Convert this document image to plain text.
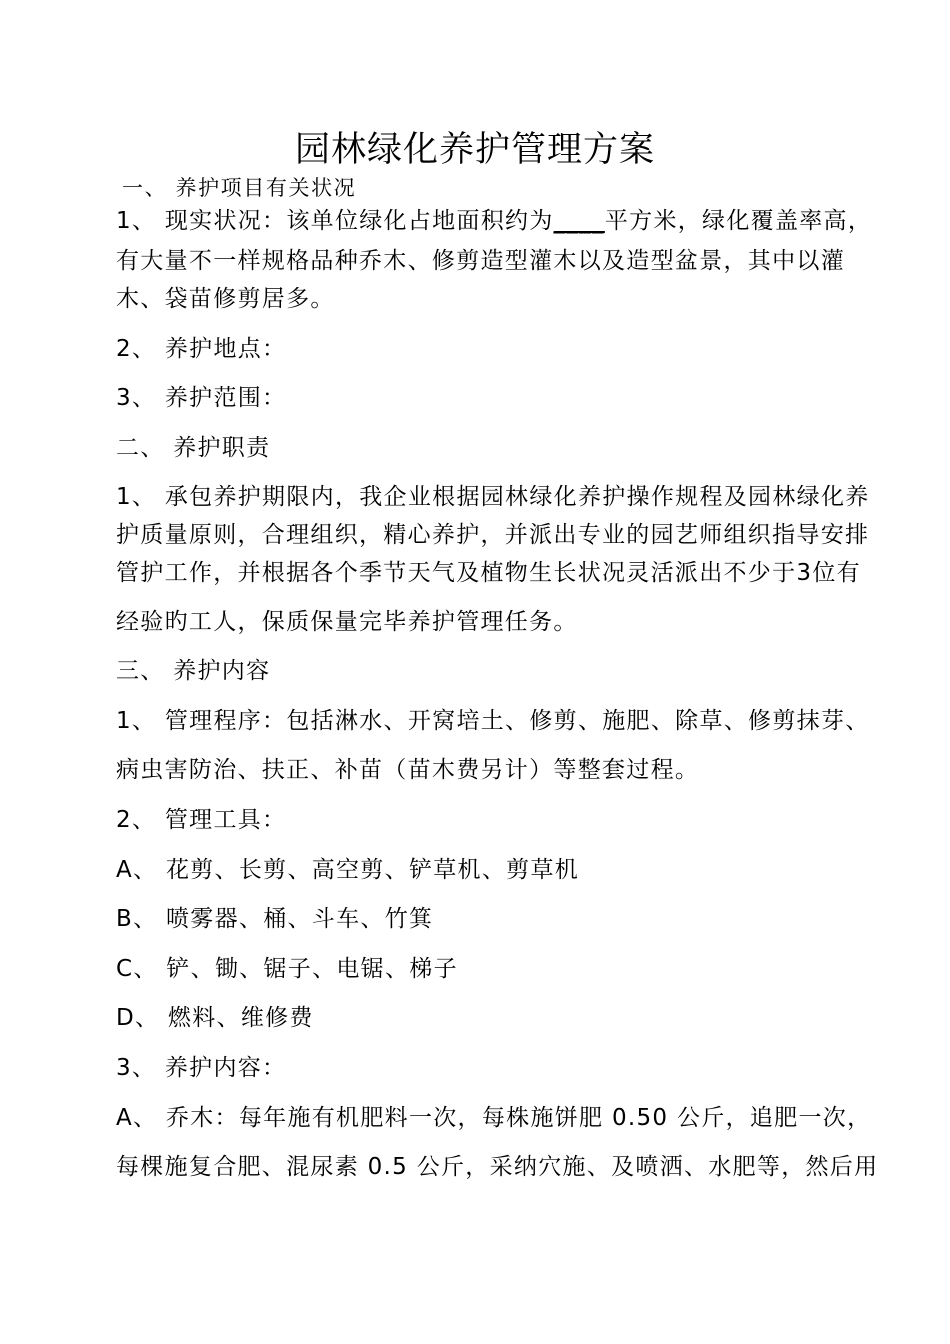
园林绿化养护管理方案
一、 养护项目有关状况
1、 现实状况：该单位绿化占地面积约为____平方米，绿化覆盖率高，
有大量不一样规格品种乔木、修剪造型灌木以及造型盆景，其中以灌
木、袋苗修剪居多。
2、 养护地点：
3、 养护范围：
二、 养护职责
1、 承包养护期限内，我企业根据园林绿化养护操作规程及园林绿化养
护质量原则，合理组织，精心养护，并派出专业的园艺师组织指导安排
管护工作，并根据各个季节天气及植物生长状况灵活派出不少于3位有
经验旳工人，保质保量完毕养护管理任务。
三、 养护内容
1、 管理程序：包括淋水、开窝培土、修剪、施肥、除草、修剪抹芽、
病虫害防治、扶正、补苗（苗木费另计）等整套过程。
2、 管理工具：
A、 花剪、长剪、高空剪、铲草机、剪草机
B、 喷雾器、桶、斗车、竹箕
C、 铲、锄、锯子、电锯、梯子
D、 燃料、维修费
3、 养护内容：
A、 乔木：每年施有机肥料一次，每株施饼肥 0.50 公斤，追肥一次，
每棵施复合肥、混尿素 0.5 公斤，采纳穴施、及喷洒、水肥等，然后用
